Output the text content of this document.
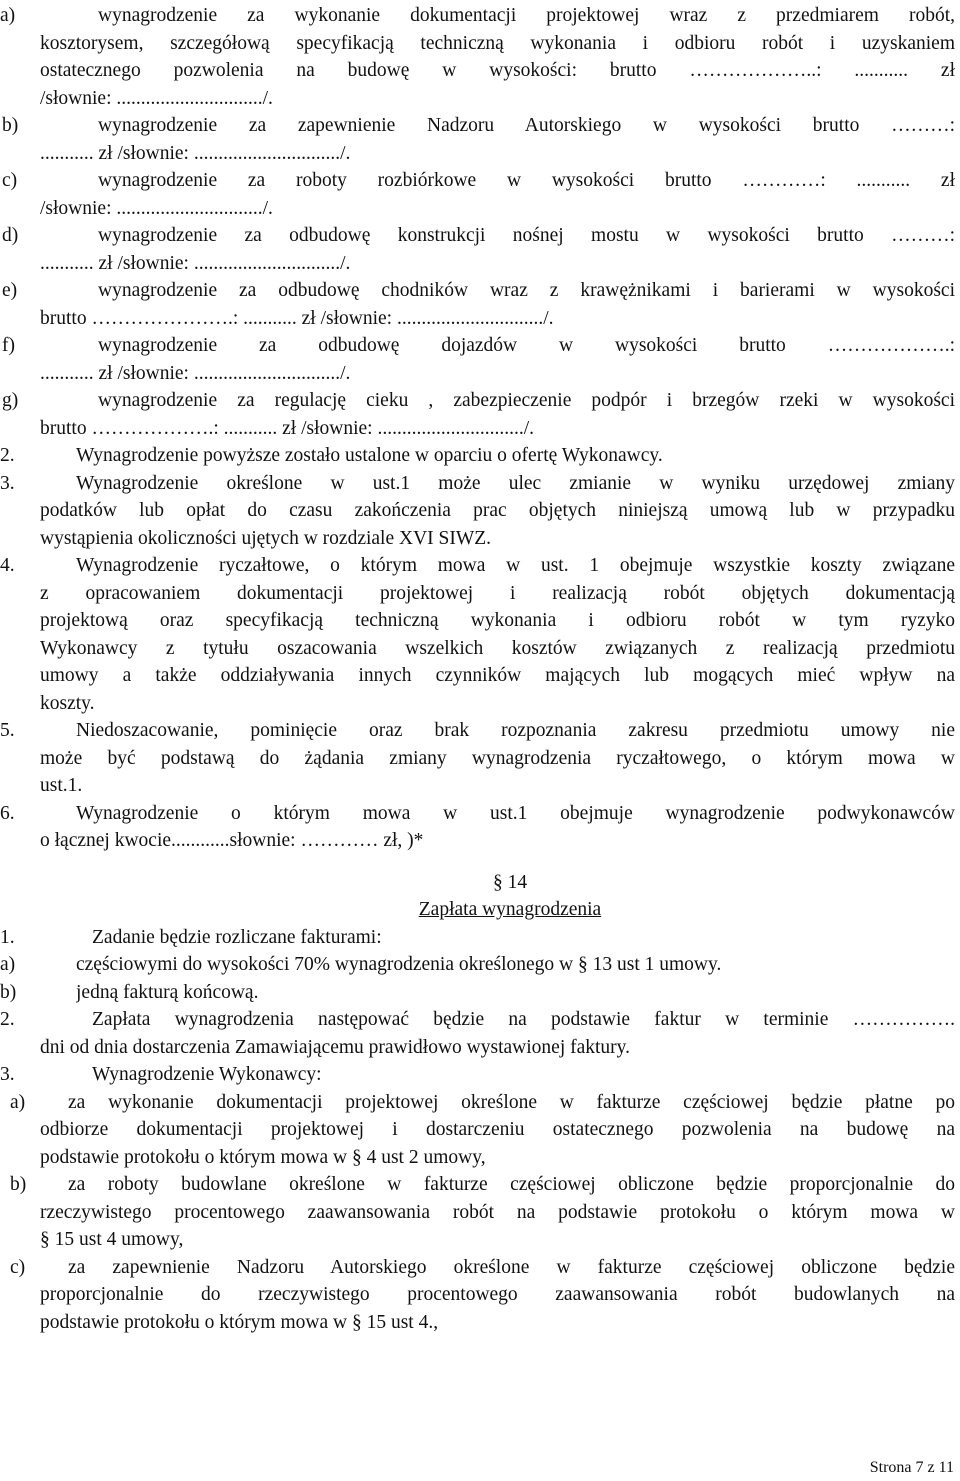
a)	wynagrodzenie za wykonanie dokumentacji projektowej wraz z przedmiarem robót,
kosztorysem, szczegółową specyfikacją techniczną wykonania i odbioru robót i uzyskaniem
ostatecznego pozwolenia na budowę w wysokości: brutto ………………..: ........... zł
/słownie: ............................../.
b)	wynagrodzenie za zapewnienie Nadzoru Autorskiego w wysokości brutto ………:
........... zł /słownie: ............................../.
c)	wynagrodzenie za roboty rozbiórkowe w wysokości brutto …………: ........... zł
/słownie: ............................../.
d)	wynagrodzenie za odbudowę konstrukcji nośnej mostu w wysokości brutto ………:
........... zł /słownie: ............................../.
e)	wynagrodzenie za odbudowę chodników wraz z krawężnikami i barierami w wysokości
brutto ………………….: ........... zł /słownie: ............................../.
f)	wynagrodzenie za odbudowę dojazdów w wysokości brutto ……………….:
........... zł /słownie: ............................../.
g)	wynagrodzenie za regulację cieku , zabezpieczenie podpór i brzegów rzeki w wysokości
brutto ……………….: ........... zł /słownie: ............................../.
2.	Wynagrodzenie powyższe zostało ustalone w oparciu o ofertę Wykonawcy.
3.	Wynagrodzenie określone w ust.1 może ulec zmianie w wyniku urzędowej zmiany
podatków lub opłat do czasu zakończenia prac objętych niniejszą umową lub w przypadku
wystąpienia okoliczności ujętych w rozdziale XVI SIWZ.
4.	Wynagrodzenie ryczałtowe, o którym mowa w ust. 1 obejmuje wszystkie koszty związane
z opracowaniem dokumentacji projektowej i realizacją robót objętych dokumentacją
projektową oraz specyfikacją techniczną wykonania i odbioru robót w tym ryzyko
Wykonawcy z tytułu oszacowania wszelkich kosztów związanych z realizacją przedmiotu
umowy a także oddziaływania innych czynników mających lub mogących mieć wpływ na
koszty.
5.	Niedoszacowanie, pominięcie oraz brak rozpoznania zakresu przedmiotu umowy nie
może być podstawą do żądania zmiany wynagrodzenia ryczałtowego, o którym mowa w
ust.1.
6.	Wynagrodzenie o którym mowa w ust.1 obejmuje wynagrodzenie podwykonawców
o łącznej kwocie............słownie: ………… zł, )*
§ 14
Zapłata wynagrodzenia
1.	Zadanie będzie rozliczane fakturami:
a)	częściowymi do wysokości 70% wynagrodzenia określonego w § 13 ust 1 umowy.
b)	jedną fakturą końcową.
2.	Zapłata wynagrodzenia następować będzie na podstawie faktur w terminie …………….
dni od dnia dostarczenia Zamawiającemu prawidłowo wystawionej faktury.
3.	Wynagrodzenie Wykonawcy:
a) za wykonanie dokumentacji projektowej określone w fakturze częściowej będzie płatne po
odbiorze dokumentacji projektowej i dostarczeniu ostatecznego pozwolenia na budowę na
podstawie protokołu o którym mowa w § 4 ust 2 umowy,
b) za roboty budowlane określone w fakturze częściowej obliczone będzie proporcjonalnie do
rzeczywistego procentowego zaawansowania robót na podstawie protokołu o którym mowa w
§ 15 ust 4 umowy,
c) za zapewnienie Nadzoru Autorskiego określone w fakturze częściowej obliczone będzie
proporcjonalnie do rzeczywistego procentowego zaawansowania robót budowlanych na
podstawie protokołu o którym mowa w § 15 ust 4.,
Strona 7 z 11
